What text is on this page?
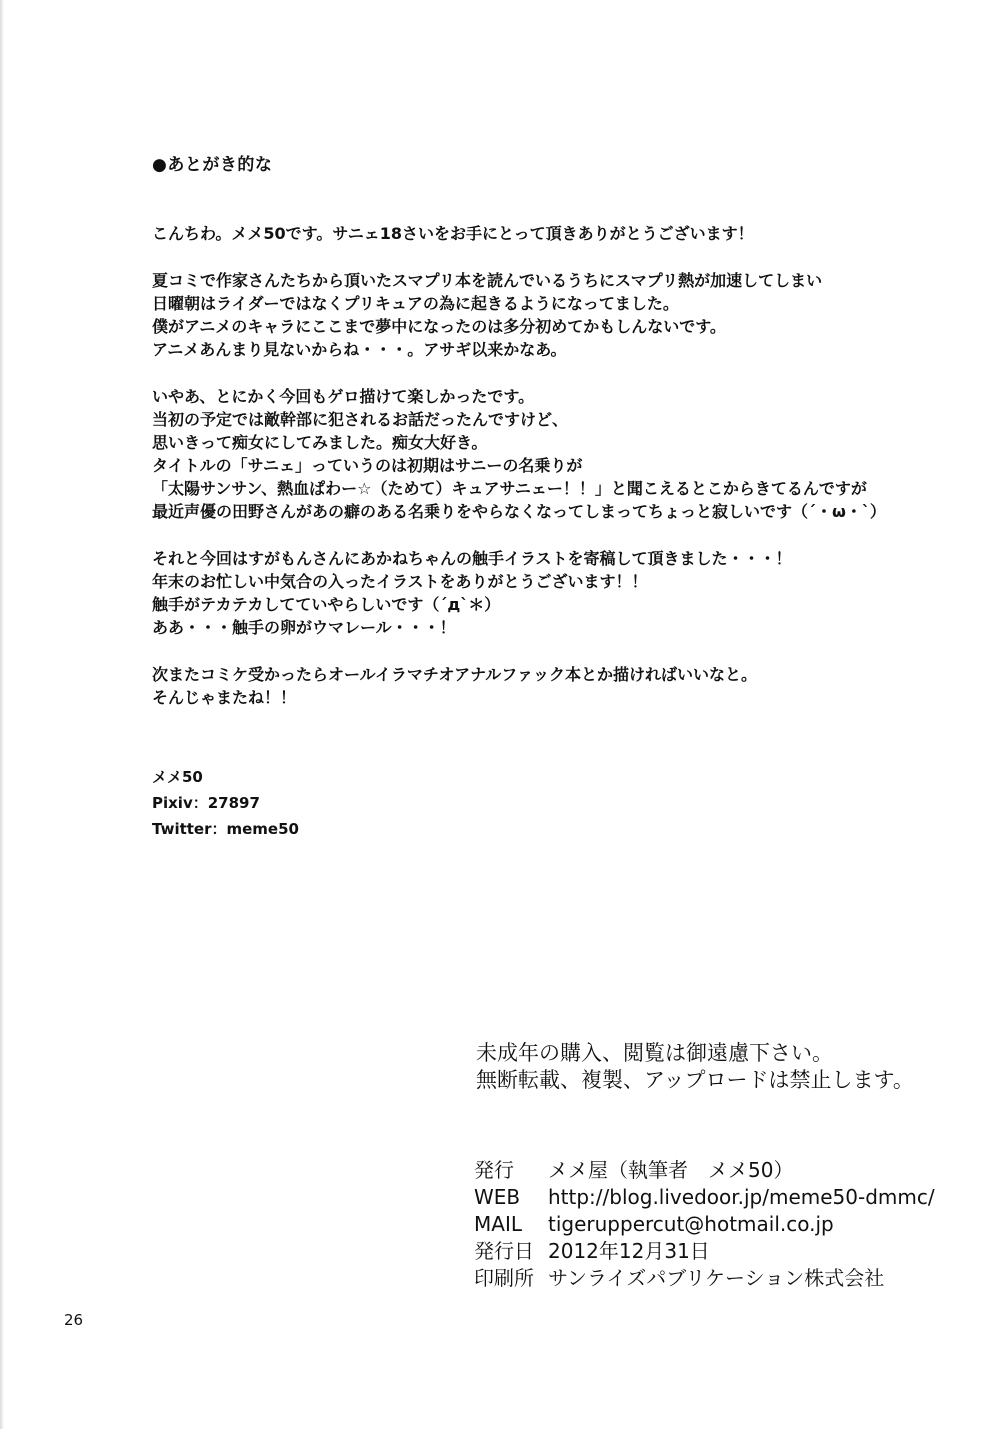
●あとがき的な
こんちわ。メメ50です。サニェ18さいをお手にとって頂きありがとうございます！
夏コミで作家さんたちから頂いたスマプリ本を読んでいるうちにスマプリ熱が加速してしまい
日曜朝はライダーではなくプリキュアの為に起きるようになってました。
僕がアニメのキャラにここまで夢中になったのは多分初めてかもしんないです。
アニメあんまり見ないからね・・・。アサギ以来かなあ。
いやあ、とにかく今回もゲロ描けて楽しかったです。
当初の予定では敵幹部に犯されるお話だったんですけど、
思いきって痴女にしてみました。痴女大好き。
タイトルの「サニェ」っていうのは初期はサニーの名乗りが
「太陽サンサン、熱血ぱわー☆（ためて）キュアサニェー！！」と聞こえるとこからきてるんですが
最近声優の田野さんがあの癖のある名乗りをやらなくなってしまってちょっと寂しいです（´・ω・`）
それと今回はすがもんさんにあかねちゃんの触手イラストを寄稿して頂きました・・・！
年末のお忙しい中気合の入ったイラストをありがとうございます！！
触手がテカテカしてていやらしいです（´д`＊）
ああ・・・触手の卵がウマレール・・・！
次またコミケ受かったらオールイラマチオアナルファック本とか描ければいいなと。
そんじゃまたね！！
メメ50
Pixiv：27897
Twitter：meme50
未成年の購入、閲覧は御遠慮下さい。
無断転載、複製、アップロードは禁止します。
発行	メメ屋（執筆者　メメ50）
WEB	http://blog.livedoor.jp/meme50-dmmc/
MAIL	tigeruppercut@hotmail.co.jp
発行日 2012年12月31日
印刷所 サンライズパブリケーション株式会社
26
